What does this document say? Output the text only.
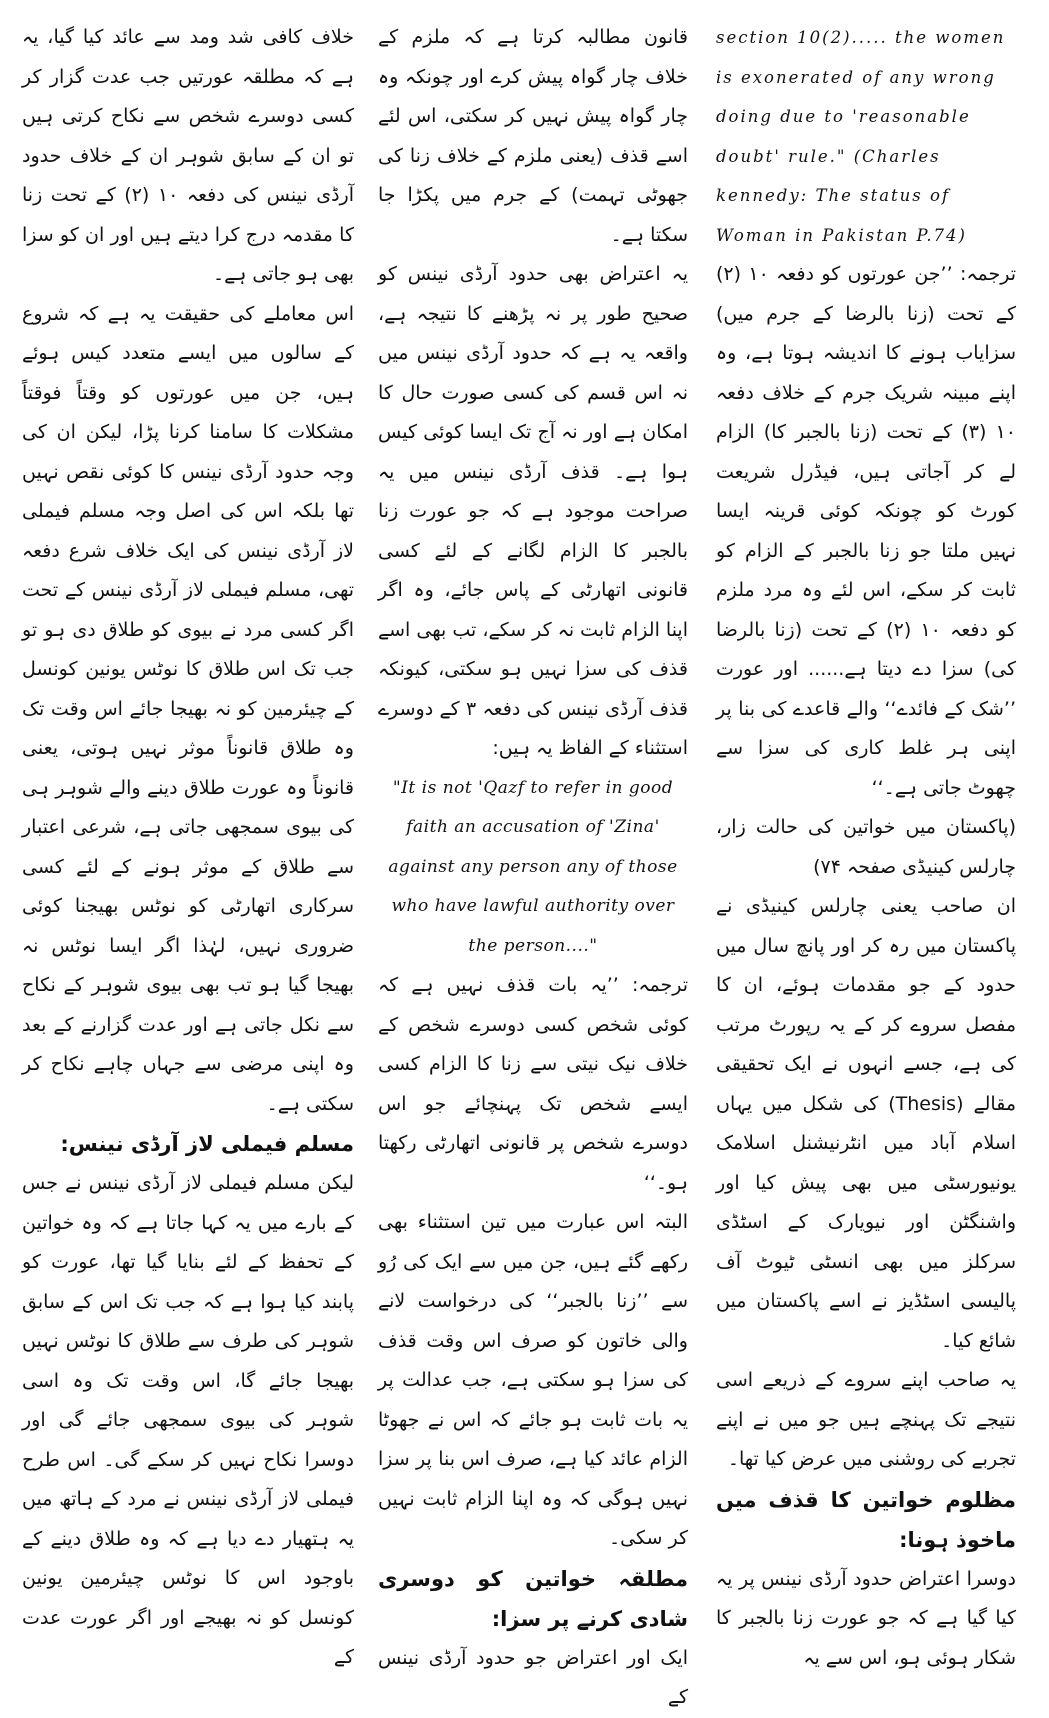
section 10(2)..... the women is exonerated of any wrong doing due to 'reasonable doubt' rule." (Charles kennedy: The status of Woman in Pakistan P.74)

ترجمہ: ’’جن عورتوں کو دفعہ ۱۰ (۲) کے تحت (زنا بالرضا کے جرم میں) سزایاب ہونے کا اندیشہ ہوتا ہے، وہ اپنے مبینہ شریک جرم کے خلاف دفعہ ۱۰ (۳) کے تحت (زنا بالجبر کا) الزام لے کر آجاتی ہیں، فیڈرل شریعت کورٹ کو چونکہ کوئی قرینہ ایسا نہیں ملتا جو زنا بالجبر کے الزام کو ثابت کر سکے، اس لئے وہ مرد ملزم کو دفعہ ۱۰ (۲) کے تحت (زنا بالرضا کی) سزا دے دیتا ہے...... اور عورت ’’شک کے فائدے‘‘ والے قاعدے کی بنا پر اپنی ہر غلط کاری کی سزا سے چھوٹ جاتی ہے۔‘‘

(پاکستان میں خواتین کی حالت زار، چارلس کینیڈی صفحہ ۷۴)

ان صاحب یعنی چارلس کینیڈی نے پاکستان میں رہ کر اور پانچ سال میں حدود کے جو مقدمات ہوئے، ان کا مفصل سروے کر کے یہ رپورٹ مرتب کی ہے، جسے انہوں نے ایک تحقیقی مقالے (Thesis) کی شکل میں یہاں اسلام آباد میں انٹرنیشنل اسلامک یونیورسٹی میں بھی پیش کیا اور واشنگٹن اور نیویارک کے اسٹڈی سرکلز میں بھی انسٹی ٹیوٹ آف پالیسی اسٹڈیز نے اسے پاکستان میں شائع کیا۔

یہ صاحب اپنے سروے کے ذریعے اسی نتیجے تک پہنچے ہیں جو میں نے اپنے تجربے کی روشنی میں عرض کیا تھا۔

مظلوم خواتین کا قذف میں ماخوذ ہونا:

دوسرا اعتراض حدود آرڈی نینس پر یہ کیا گیا ہے کہ جو عورت زنا بالجبر کا شکار ہوئی ہو، اس سے یہ

قانون مطالبہ کرتا ہے کہ ملزم کے خلاف چار گواہ پیش کرے اور چونکہ وہ چار گواہ پیش نہیں کر سکتی، اس لئے اسے قذف (یعنی ملزم کے خلاف زنا کی جھوٹی تہمت) کے جرم میں پکڑا جا سکتا ہے۔

یہ اعتراض بھی حدود آرڈی نینس کو صحیح طور پر نہ پڑھنے کا نتیجہ ہے، واقعہ یہ ہے کہ حدود آرڈی نینس میں نہ اس قسم کی کسی صورت حال کا امکان ہے اور نہ آج تک ایسا کوئی کیس ہوا ہے۔ قذف آرڈی نینس میں یہ صراحت موجود ہے کہ جو عورت زنا بالجبر کا الزام لگانے کے لئے کسی قانونی اتھارٹی کے پاس جائے، وہ اگر اپنا الزام ثابت نہ کر سکے، تب بھی اسے قذف کی سزا نہیں ہو سکتی، کیونکہ قذف آرڈی نینس کی دفعہ ۳ کے دوسرے استثناء کے الفاظ یہ ہیں:

"It is not 'Qazf to refer in good faith an accusation of 'Zina' against any person any of those who have lawful authority over the person...."

ترجمہ: ’’یہ بات قذف نہیں ہے کہ کوئی شخص کسی دوسرے شخص کے خلاف نیک نیتی سے زنا کا الزام کسی ایسے شخص تک پہنچائے جو اس دوسرے شخص پر قانونی اتھارٹی رکھتا ہو۔‘‘

البتہ اس عبارت میں تین استثناء بھی رکھے گئے ہیں، جن میں سے ایک کی رُو سے ’’زنا بالجبر‘‘ کی درخواست لانے والی خاتون کو صرف اس وقت قذف کی سزا ہو سکتی ہے، جب عدالت پر یہ بات ثابت ہو جائے کہ اس نے جھوٹا الزام عائد کیا ہے، صرف اس بنا پر سزا نہیں ہوگی کہ وہ اپنا الزام ثابت نہیں کر سکی۔

مطلقہ خواتین کو دوسری شادی کرنے پر سزا:

ایک اور اعتراض جو حدود آرڈی نینس کے

خلاف کافی شد ومد سے عائد کیا گیا، یہ ہے کہ مطلقہ عورتیں جب عدت گزار کر کسی دوسرے شخص سے نکاح کرتی ہیں تو ان کے سابق شوہر ان کے خلاف حدود آرڈی نینس کی دفعہ ۱۰ (۲) کے تحت زنا کا مقدمہ درج کرا دیتے ہیں اور ان کو سزا بھی ہو جاتی ہے۔

اس معاملے کی حقیقت یہ ہے کہ شروع کے سالوں میں ایسے متعدد کیس ہوئے ہیں، جن میں عورتوں کو وقتاً فوقتاً مشکلات کا سامنا کرنا پڑا، لیکن ان کی وجہ حدود آرڈی نینس کا کوئی نقص نہیں تھا بلکہ اس کی اصل وجہ مسلم فیملی لاز آرڈی نینس کی ایک خلاف شرع دفعہ تھی، مسلم فیملی لاز آرڈی نینس کے تحت اگر کسی مرد نے بیوی کو طلاق دی ہو تو جب تک اس طلاق کا نوٹس یونین کونسل کے چیئرمین کو نہ بھیجا جائے اس وقت تک وہ طلاق قانوناً موثر نہیں ہوتی، یعنی قانوناً وہ عورت طلاق دینے والے شوہر ہی کی بیوی سمجھی جاتی ہے، شرعی اعتبار سے طلاق کے موثر ہونے کے لئے کسی سرکاری اتھارٹی کو نوٹس بھیجنا کوئی ضروری نہیں، لہٰذا اگر ایسا نوٹس نہ بھیجا گیا ہو تب بھی بیوی شوہر کے نکاح سے نکل جاتی ہے اور عدت گزارنے کے بعد وہ اپنی مرضی سے جہاں چاہے نکاح کر سکتی ہے۔

مسلم فیملی لاز آرڈی نینس:

لیکن مسلم فیملی لاز آرڈی نینس نے جس کے بارے میں یہ کہا جاتا ہے کہ وہ خواتین کے تحفظ کے لئے بنایا گیا تھا، عورت کو پابند کیا ہوا ہے کہ جب تک اس کے سابق شوہر کی طرف سے طلاق کا نوٹس نہیں بھیجا جائے گا، اس وقت تک وہ اسی شوہر کی بیوی سمجھی جائے گی اور دوسرا نکاح نہیں کر سکے گی۔ اس طرح فیملی لاز آرڈی نینس نے مرد کے ہاتھ میں یہ ہتھیار دے دیا ہے کہ وہ طلاق دینے کے باوجود اس کا نوٹس چیئرمین یونین کونسل کو نہ بھیجے اور اگر عورت عدت کے
